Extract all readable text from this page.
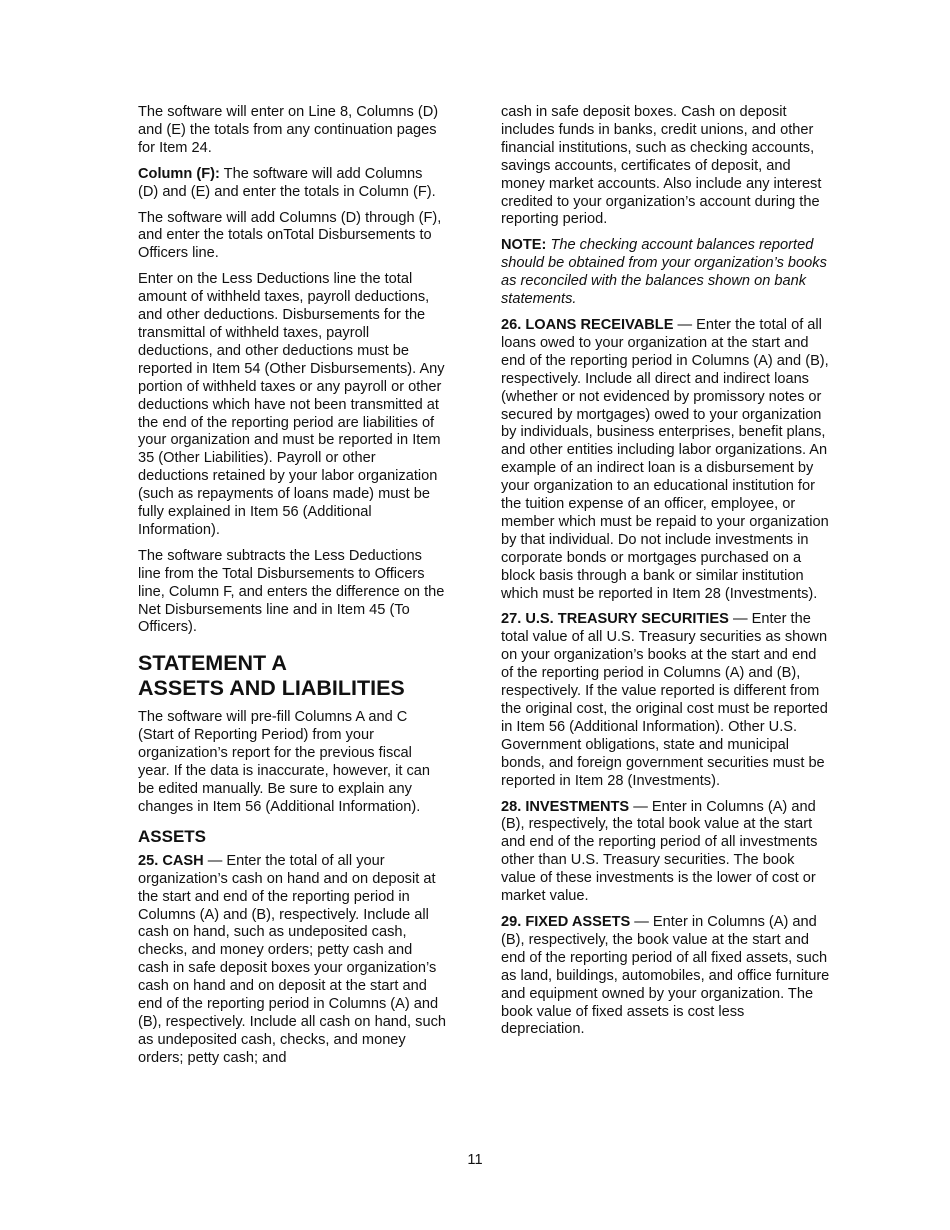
The software will enter on Line 8, Columns (D) and (E) the totals from any continuation pages for Item 24.

Column (F): The software will add Columns (D) and (E) and enter the totals in Column (F).

The software will add Columns (D) through (F), and enter the totals onTotal Disbursements to Officers line.

Enter on the Less Deductions line the total amount of withheld taxes, payroll deductions, and other deductions. Disbursements for the transmittal of withheld taxes, payroll deductions, and other deductions must be reported in Item 54 (Other Disbursements). Any portion of withheld taxes or any payroll or other deductions which have not been transmitted at the end of the reporting period are liabilities of your organization and must be reported in Item 35 (Other Liabilities). Payroll or other deductions retained by your labor organization (such as repayments of loans made) must be fully explained in Item 56 (Additional Information).

The software subtracts the Less Deductions line from the Total Disbursements to Officers line, Column F, and enters the difference on the Net Disbursements line and in Item 45 (To Officers).

STATEMENT A
ASSETS AND LIABILITIES

The software will pre-fill Columns A and C (Start of Reporting Period) from your organization’s report for the previous fiscal year. If the data is inaccurate, however, it can be edited manually. Be sure to explain any changes in Item 56 (Additional Information).

ASSETS

25. CASH — Enter the total of all your organization’s cash on hand and on deposit at the start and end of the reporting period in Columns (A) and (B), respectively. Include all cash on hand, such as undeposited cash, checks, and money orders; petty cash and cash in safe deposit boxes your organization’s cash on hand and on deposit at the start and end of the reporting period in Columns (A) and (B), respectively. Include all cash on hand, such as undeposited cash, checks, and money orders; petty cash; and

cash in safe deposit boxes. Cash on deposit includes funds in banks, credit unions, and other financial institutions, such as checking accounts, savings accounts, certificates of deposit, and money market accounts. Also include any interest credited to your organization’s account during the reporting period.

NOTE: The checking account balances reported should be obtained from your organization’s books as reconciled with the balances shown on bank statements.

26. LOANS RECEIVABLE — Enter the total of all loans owed to your organization at the start and end of the reporting period in Columns (A) and (B), respectively. Include all direct and indirect loans (whether or not evidenced by promissory notes or secured by mortgages) owed to your organization by individuals, business enterprises, benefit plans, and other entities including labor organizations. An example of an indirect loan is a disbursement by your organization to an educational institution for the tuition expense of an officer, employee, or member which must be repaid to your organization by that individual. Do not include investments in corporate bonds or mortgages purchased on a block basis through a bank or similar institution which must be reported in Item 28 (Investments).

27. U.S. TREASURY SECURITIES — Enter the total value of all U.S. Treasury securities as shown on your organization’s books at the start and end of the reporting period in Columns (A) and (B), respectively. If the value reported is different from the original cost, the original cost must be reported in Item 56 (Additional Information). Other U.S. Government obligations, state and municipal bonds, and foreign government securities must be reported in Item 28 (Investments).

28. INVESTMENTS — Enter in Columns (A) and (B), respectively, the total book value at the start and end of the reporting period of all investments other than U.S. Treasury securities. The book value of these investments is the lower of cost or market value.

29. FIXED ASSETS — Enter in Columns (A) and (B), respectively, the book value at the start and end of the reporting period of all fixed assets, such as land, buildings, automobiles, and office furniture and equipment owned by your organization. The book value of fixed assets is cost less depreciation.

11
